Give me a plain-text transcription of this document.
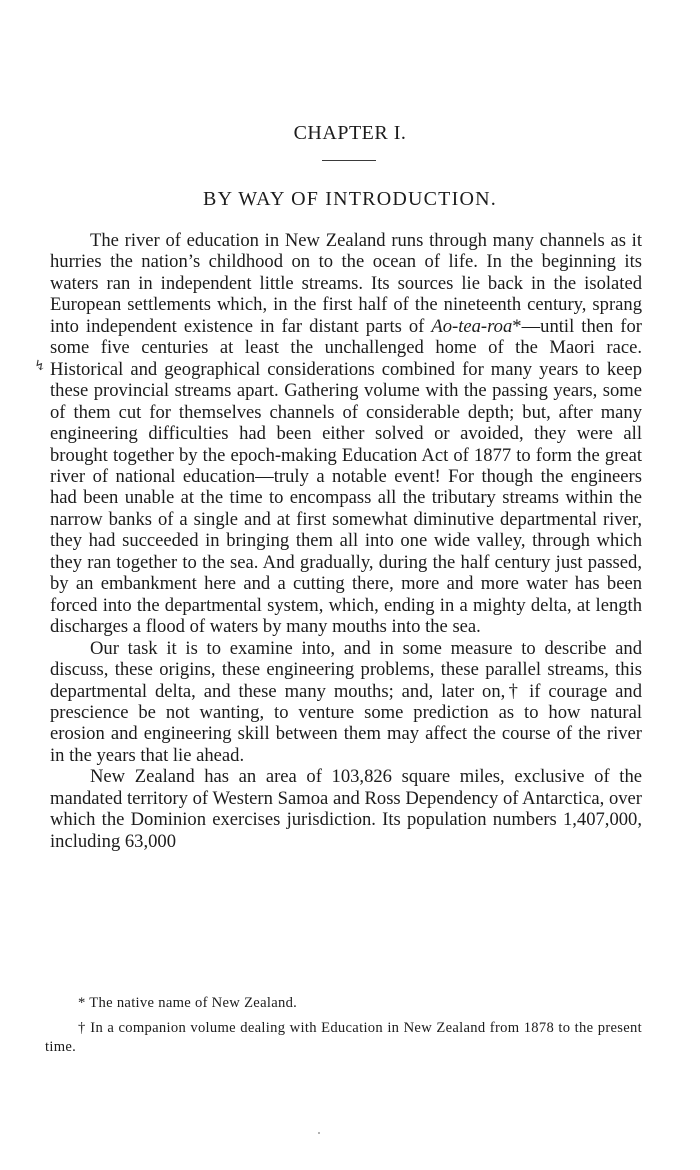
CHAPTER I.
BY WAY OF INTRODUCTION.
↯

The river of education in New Zealand runs through many channels as it hurries the nation’s childhood on to the ocean of life. In the beginning its waters ran in independent little streams. Its sources lie back in the isolated European settlements which, in the first half of the nineteenth century, sprang into independent existence in far distant parts of Ao-tea-roa*—until then for some five centuries at least the unchallenged home of the Maori race. Historical and geographical considerations combined for many years to keep these provincial streams apart. Gathering volume with the passing years, some of them cut for themselves channels of considerable depth; but, after many engineering difficulties had been either solved or avoided, they were all brought together by the epoch-making Education Act of 1877 to form the great river of national education—truly a notable event! For though the engineers had been unable at the time to encompass all the tributary streams within the narrow banks of a single and at first somewhat diminutive departmental river, they had succeeded in bringing them all into one wide valley, through which they ran together to the sea. And gradually, during the half century just passed, by an embankment here and a cutting there, more and more water has been forced into the departmental system, which, ending in a mighty delta, at length discharges a flood of waters by many mouths into the sea.

Our task it is to examine into, and in some measure to describe and discuss, these origins, these engineering problems, these parallel streams, this departmental delta, and these many mouths; and, later on,† if courage and prescience be not wanting, to venture some prediction as to how natural erosion and engineering skill between them may affect the course of the river in the years that lie ahead.

New Zealand has an area of 103,826 square miles, exclusive of the mandated territory of Western Samoa and Ross Dependency of Antarctica, over which the Dominion exercises jurisdiction. Its population numbers 1,407,000, including 63,000

* The native name of New Zealand.

† In a companion volume dealing with Education in New Zealand from 1878 to the present time.
